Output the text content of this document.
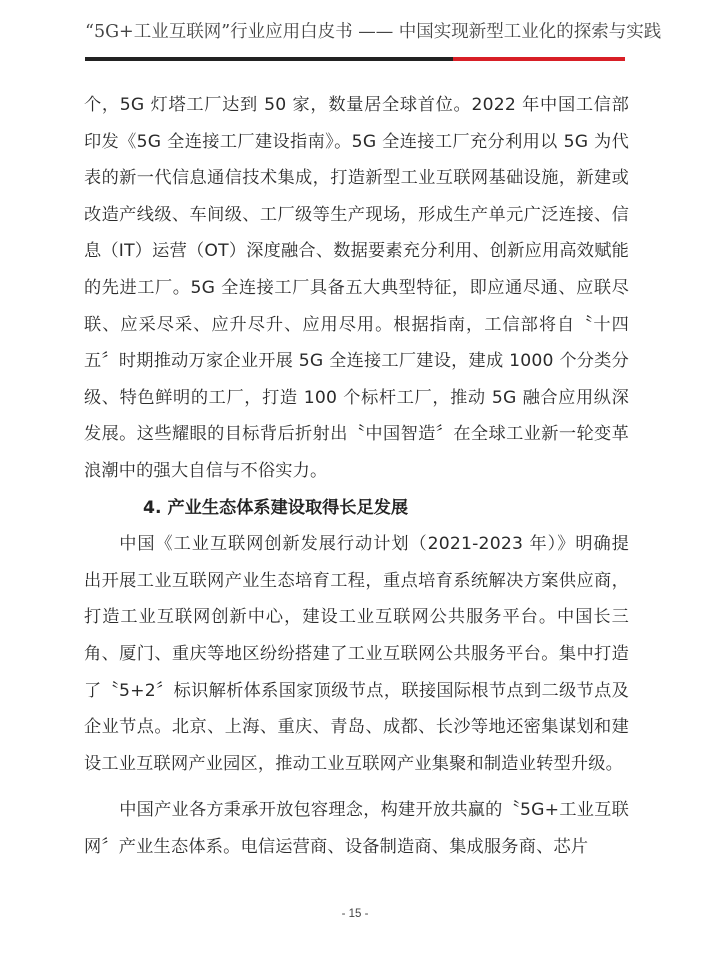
“5G+工业互联网”行业应用白皮书 —— 中国实现新型工业化的探索与实践

个，5G 灯塔工厂达到 50 家，数量居全球首位。2022 年中国工信部印发《5G 全连接工厂建设指南》。5G 全连接工厂充分利用以 5G 为代表的新一代信息通信技术集成，打造新型工业互联网基础设施，新建或改造产线级、车间级、工厂级等生产现场，形成生产单元广泛连接、信息（IT）运营（OT）深度融合、数据要素充分利用、创新应用高效赋能的先进工厂。5G 全连接工厂具备五大典型特征，即应通尽通、应联尽联、应采尽采、应升尽升、应用尽用。根据指南，工信部将自〝十四五〞时期推动万家企业开展 5G 全连接工厂建设，建成 1000 个分类分级、特色鲜明的工厂，打造 100 个标杆工厂，推动 5G 融合应用纵深发展。这些耀眼的目标背后折射出〝中国智造〞在全球工业新一轮变革浪潮中的强大自信与不俗实力。

4. 产业生态体系建设取得长足发展

中国《工业互联网创新发展行动计划（2021-2023 年）》明确提出开展工业互联网产业生态培育工程，重点培育系统解决方案供应商，打造工业互联网创新中心，建设工业互联网公共服务平台。中国长三角、厦门、重庆等地区纷纷搭建了工业互联网公共服务平台。集中打造了〝5+2〞标识解析体系国家顶级节点，联接国际根节点到二级节点及企业节点。北京、上海、重庆、青岛、成都、长沙等地还密集谋划和建设工业互联网产业园区，推动工业互联网产业集聚和制造业转型升级。

中国产业各方秉承开放包容理念，构建开放共赢的〝5G+工业互联网〞产业生态体系。电信运营商、设备制造商、集成服务商、芯片

- 15 -
